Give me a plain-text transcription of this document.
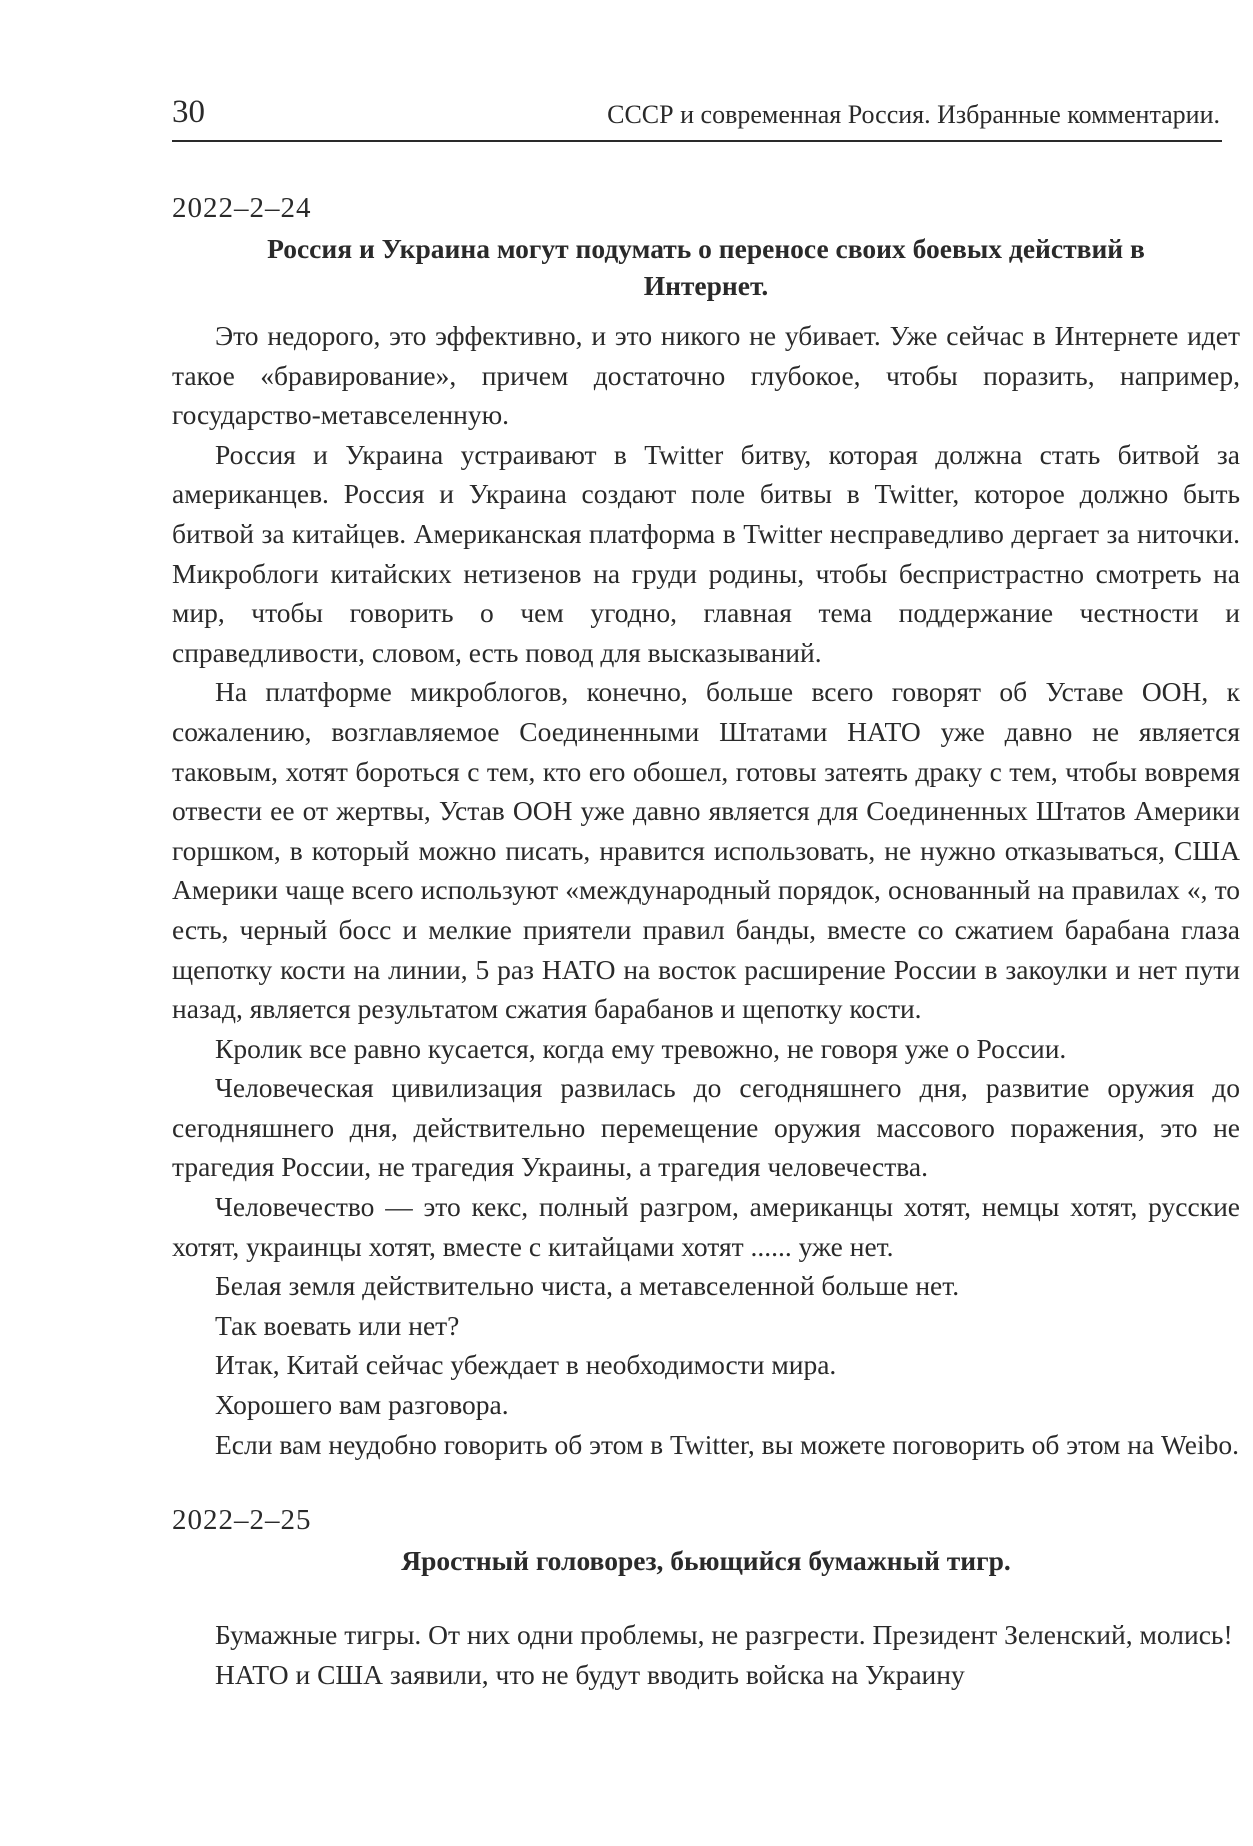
30	СССР и современная Россия. Избранные комментарии.
2022–2–24
Россия и Украина могут подумать о переносе своих боевых действий в Интернет.

Это недорого, это эффективно, и это никого не убивает. Уже сейчас в Интернете идет такое «бравирование», причем достаточно глубокое, чтобы поразить, например, государство-метавселенную.

Россия и Украина устраивают в Twitter битву, которая должна стать битвой за американцев. Россия и Украина создают поле битвы в Twitter, которое должно быть битвой за китайцев. Американская платформа в Twitter несправедливо дергает за ниточки. Микроблоги китайских нетизенов на груди родины, чтобы беспристрастно смотреть на мир, чтобы говорить о чем угодно, главная тема поддержание честности и справедливости, словом, есть повод для высказываний.

На платформе микроблогов, конечно, больше всего говорят об Уставе ООН, к сожалению, возглавляемое Соединенными Штатами НАТО уже давно не является таковым, хотят бороться с тем, кто его обошел, готовы затеять драку с тем, чтобы вовремя отвести ее от жертвы, Устав ООН уже давно является для Соединенных Штатов Америки горшком, в который можно писать, нравится использовать, не нужно отказываться, США Америки чаще всего используют «международный порядок, основанный на правилах «, то есть, черный босс и мелкие приятели правил банды, вместе со сжатием барабана глаза щепотку кости на линии, 5 раз НАТО на восток расширение России в закоулки и нет пути назад, является результатом сжатия барабанов и щепотку кости.

Кролик все равно кусается, когда ему тревожно, не говоря уже о России.

Человеческая цивилизация развилась до сегодняшнего дня, развитие оружия до сегодняшнего дня, действительно перемещение оружия массового поражения, это не трагедия России, не трагедия Украины, а трагедия человечества.

Человечество — это кекс, полный разгром, американцы хотят, немцы хотят, русские хотят, украинцы хотят, вместе с китайцами хотят ...... уже нет.

Белая земля действительно чиста, а метавселенной больше нет.

Так воевать или нет?

Итак, Китай сейчас убеждает в необходимости мира.

Хорошего вам разговора.

Если вам неудобно говорить об этом в Twitter, вы можете поговорить об этом на Weibo.

2022–2–25
Яростный головорез, бьющийся бумажный тигр.

Бумажные тигры. От них одни проблемы, не разгрести. Президент Зеленский, молись!

НАТО и США заявили, что не будут вводить войска на Украину
